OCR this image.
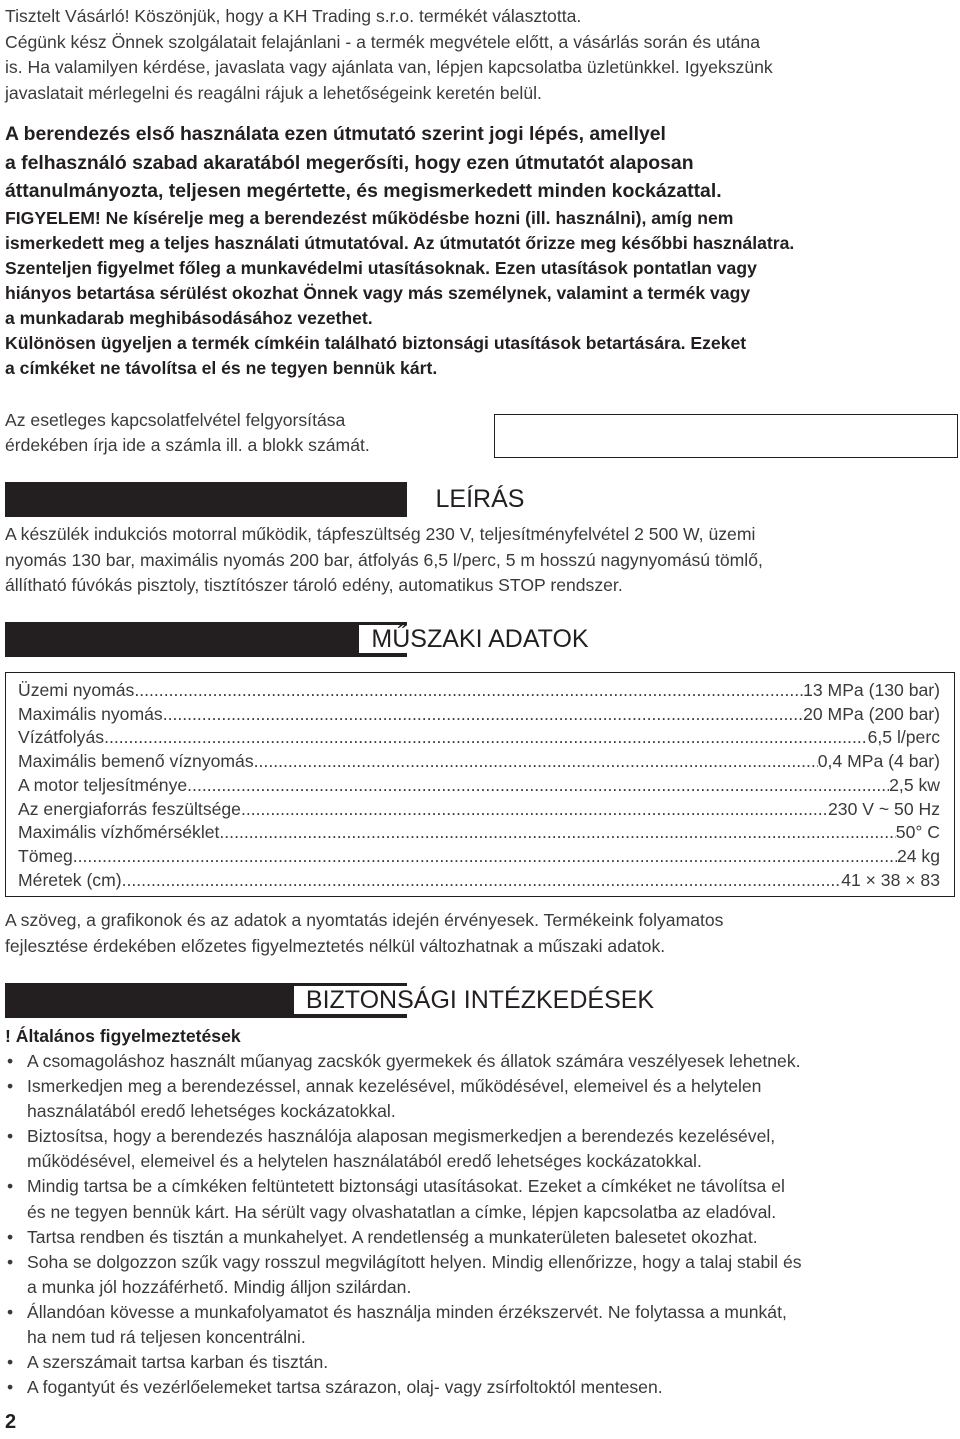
Tisztelt Vásárló! Köszönjük, hogy a KH Trading s.r.o. termékét választotta.

Cégünk kész Önnek szolgálatait felajánlani - a termék megvétele előtt, a vásárlás során és utána

is. Ha valamilyen kérdése, javaslata vagy ajánlata van, lépjen kapcsolatba üzletünkkel. Igyekszünk

javaslatait mérlegelni és reagálni rájuk a lehetőségeink keretén belül.

A berendezés első használata ezen útmutató szerint jogi lépés, amellyel
a felhasználó szabad akaratából megerősíti, hogy ezen útmutatót alaposan
áttanulmányozta, teljesen megértette, és megismerkedett minden kockázattal.
FIGYELEM! Ne kísérelje meg a berendezést működésbe hozni (ill. használni), amíg nem
ismerkedett meg a teljes használati útmutatóval. Az útmutatót őrizze meg későbbi használatra.
Szenteljen figyelmet főleg a munkavédelmi utasításoknak. Ezen utasítások pontatlan vagy
hiányos betartása sérülést okozhat Önnek vagy más személynek, valamint a termék vagy
a munkadarab meghibásodásához vezethet.
Különösen ügyeljen a termék címkéin található biztonsági utasítások betartására. Ezeket
a címkéket ne távolítsa el és ne tegyen bennük kárt.
Az esetleges kapcsolatfelvétel felgyorsítása
érdekében írja ide a számla ill. a blokk számát.
LEÍRÁS
A készülék indukciós motorral működik, tápfeszültség 230 V, teljesítményfelvétel 2 500 W, üzemi
nyomás 130 bar, maximális nyomás 200 bar, átfolyás 6,5 l/perc, 5 m hosszú nagynyomású tömlő,
állítható fúvókás pisztoly, tisztítószer tároló edény, automatikus STOP rendszer.
MŰSZAKI ADATOK
Üzemi nyomás .....	13 MPa (130 bar)
Maximális nyomás .....	20 MPa (200 bar)
Vízátfolyás .....	6,5 l/perc
Maximális bemenő víznyomás .....	0,4 MPa (4 bar)
A motor teljesítménye .....	2,5 kw
Az energiaforrás feszültsége .....	230 V ~ 50 Hz
Maximális vízhőmérséklet .....	50° C
Tömeg .....	24 kg
Méretek (cm) .....	41 × 38 × 83
A szöveg, a grafikonok és az adatok a nyomtatás idején érvényesek. Termékeink folyamatos
fejlesztése érdekében előzetes figyelmeztetés nélkül változhatnak a műszaki adatok.
BIZTONSÁGI INTÉZKEDÉSEK
! Általános figyelmeztetések
• A csomagoláshoz használt műanyag zacskók gyermekek és állatok számára veszélyesek lehetnek.
• Ismerkedjen meg a berendezéssel, annak kezelésével, működésével, elemeivel és a helytelen
használatából eredő lehetséges kockázatokkal.
• Biztosítsa, hogy a berendezés használója alaposan megismerkedjen a berendezés kezelésével,
működésével, elemeivel és a helytelen használatából eredő lehetséges kockázatokkal.
• Mindig tartsa be a címkéken feltüntetett biztonsági utasításokat. Ezeket a címkéket ne távolítsa el
és ne tegyen bennük kárt. Ha sérült vagy olvashatatlan a címke, lépjen kapcsolatba az eladóval.
• Tartsa rendben és tisztán a munkahelyet. A rendetlenség a munkaterületen balesetet okozhat.
• Soha se dolgozzon szűk vagy rosszul megvilágított helyen. Mindig ellenőrizze, hogy a talaj stabil és
a munka jól hozzáférhető. Mindig álljon szilárdan.
• Állandóan kövesse a munkafolyamatot és használja minden érzékszervét. Ne folytassa a munkát,
ha nem tud rá teljesen koncentrálni.
• A szerszámait tartsa karban és tisztán.
• A fogantyút és vezérlőelemeket tartsa szárazon, olaj- vagy zsírfoltoktól mentesen.
2
